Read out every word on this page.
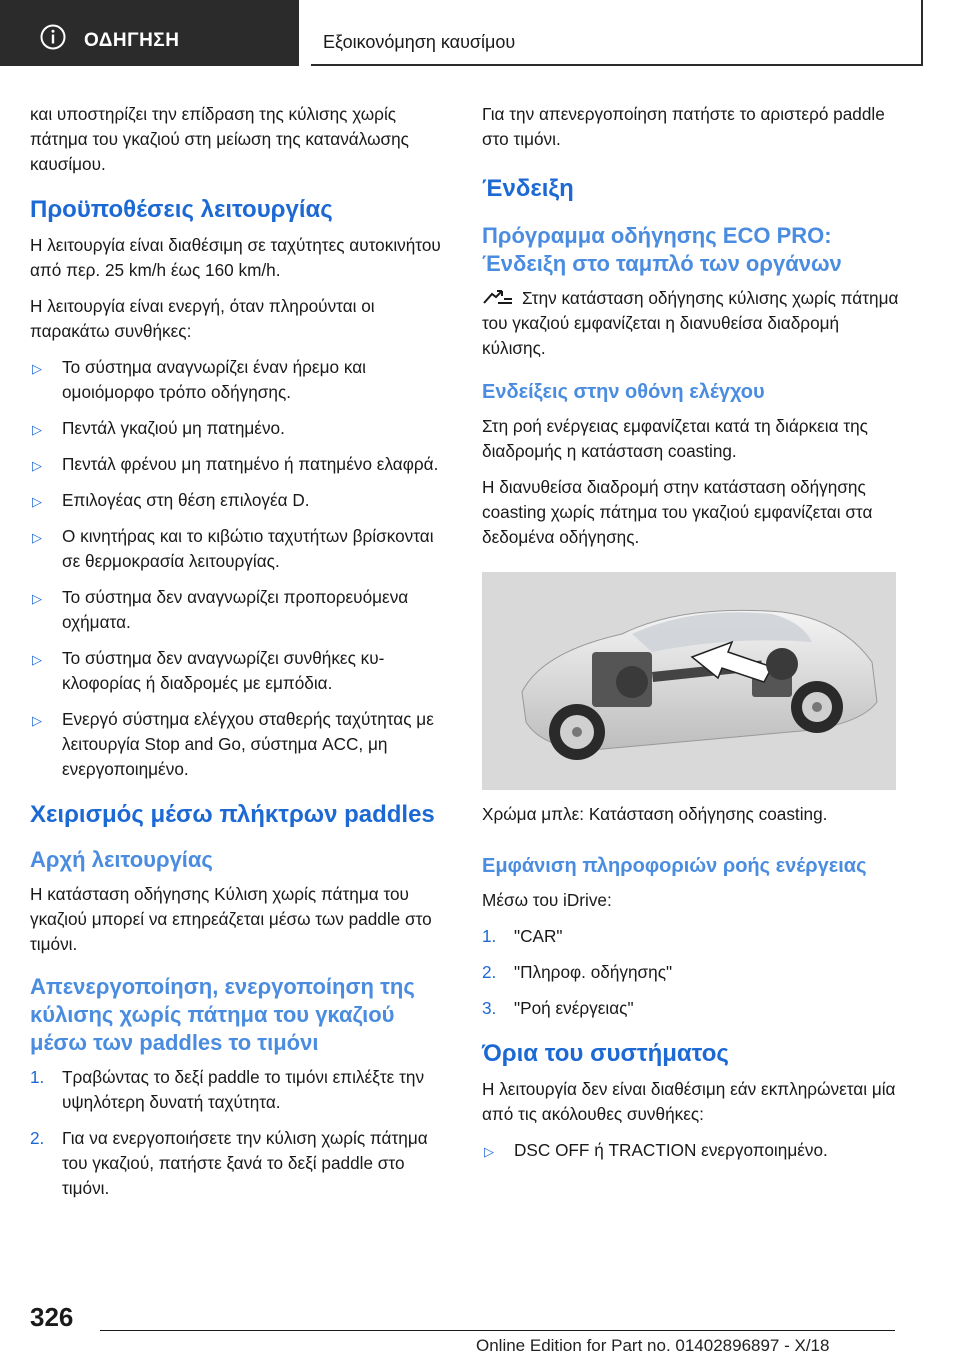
ΟΔΗΓΗΣΗ	Εξοικονόμηση καυσίμου

και υποστηρίζει την επίδραση της κύλισης χωρίς πάτημα του γκαζιού στη μείωση της κατανάλωσης καυσίμου.

Προϋποθέσεις λειτουργίας

Η λειτουργία είναι διαθέσιμη σε ταχύτητες αυτοκινήτου από περ. 25 km/h έως 160 km/h.

Η λειτουργία είναι ενεργή, όταν πληρούνται οι παρακάτω συνθήκες:

▷ Το σύστημα αναγνωρίζει έναν ήρεμο και ομοιόμορφο τρόπο οδήγησης.
▷ Πεντάλ γκαζιού μη πατημένο.
▷ Πεντάλ φρένου μη πατημένο ή πατημένο ελαφρά.
▷ Επιλογέας στη θέση επιλογέα D.
▷ Ο κινητήρας και το κιβώτιο ταχυτήτων βρίσκονται σε θερμοκρασία λειτουργίας.
▷ Το σύστημα δεν αναγνωρίζει προπορευόμενα οχήματα.
▷ Το σύστημα δεν αναγνωρίζει συνθήκες κυκλοφορίας ή διαδρομές με εμπόδια.
▷ Ενεργό σύστημα ελέγχου σταθερής ταχύτητας με λειτουργία Stop and Go, σύστημα ACC, μη ενεργοποιημένο.
Χειρισμός μέσω πλήκτρων paddles
Αρχή λειτουργίας

Η κατάσταση οδήγησης Κύλιση χωρίς πάτημα του γκαζιού μπορεί να επηρεάζεται μέσω των paddle στο τιμόνι.

Απενεργοποίηση, ενεργοποίηση της κύλισης χωρίς πάτημα του γκαζιού μέσω των paddles το τιμόνι
1. Τραβώντας το δεξί paddle το τιμόνι επιλέξτε την υψηλότερη δυνατή ταχύτητα.
2. Για να ενεργοποιήσετε την κύλιση χωρίς πάτημα του γκαζιού, πατήστε ξανά το δεξί paddle στο τιμόνι.

Για την απενεργοποίηση πατήστε το αριστερό paddle στο τιμόνι.

Ένδειξη
Πρόγραμμα οδήγησης ECO PRO: Ένδειξη στο ταμπλό των οργάνων

Στην κατάσταση οδήγησης κύλισης χωρίς πάτημα του γκαζιού εμφανίζεται η διανυθείσα διαδρομή κύλισης.

Ενδείξεις στην οθόνη ελέγχου

Στη ροή ενέργειας εμφανίζεται κατά τη διάρκεια της διαδρομής η κατάσταση coasting.

Η διανυθείσα διαδρομή στην κατάσταση οδήγησης coasting χωρίς πάτημα του γκαζιού εμφανίζεται στα δεδομένα οδήγησης.

Χρώμα μπλε: Κατάσταση οδήγησης coasting.

Εμφάνιση πληροφοριών ροής ενέργειας

Μέσω του iDrive:

1. "CAR"
2. "Πληροφ. οδήγησης"
3. "Ροή ενέργειας"
Όρια του συστήματος

Η λειτουργία δεν είναι διαθέσιμη εάν εκπληρώνεται μία από τις ακόλουθες συνθήκες:

▷ DSC OFF ή TRACTION ενεργοποιημένο.
326
Online Edition for Part no. 01402896897 - X/18
